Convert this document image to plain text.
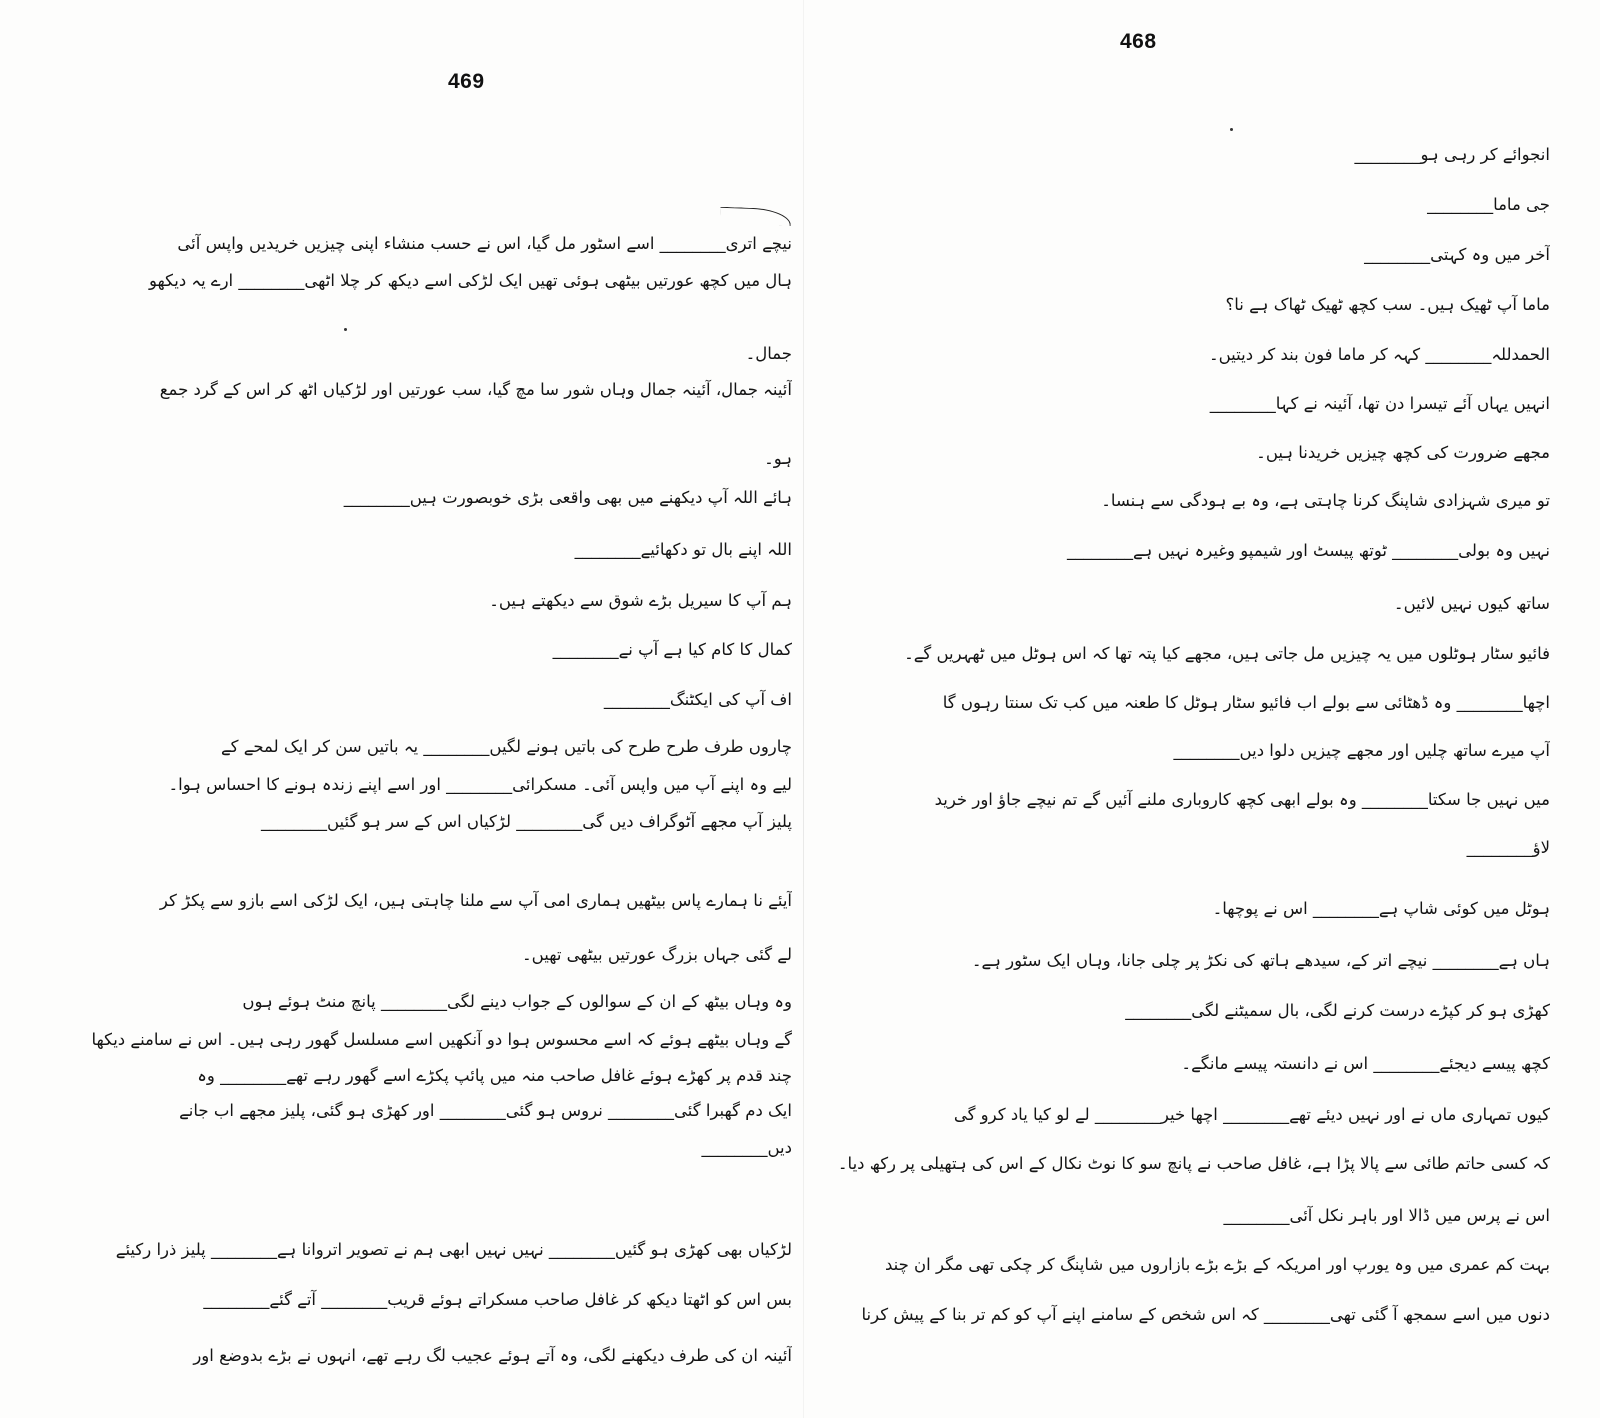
469
نیچے اتری________ اسے اسٹور مل گیا، اس نے حسب منشاء اپنی چیزیں خریدیں واپس آئی
ہال میں کچھ عورتیں بیٹھی ہوئی تھیں ایک لڑکی اسے دیکھ کر چلا اٹھی________ ارے یہ دیکھو
جمال۔
آئینہ جمال، آئینہ جمال وہاں شور سا مچ گیا، سب عورتیں اور لڑکیاں اٹھ کر اس کے گرد جمع
ہو۔
ہائے اللہ آپ دیکھنے میں بھی واقعی بڑی خوبصورت ہیں________
اللہ اپنے بال تو دکھائیے________
ہم آپ کا سیریل بڑے شوق سے دیکھتے ہیں۔
کمال کا کام کیا ہے آپ نے________
اف آپ کی ایکٹنگ________
چاروں طرف طرح طرح کی باتیں ہونے لگیں________ یہ باتیں سن کر ایک لمحے کے
لیے وہ اپنے آپ میں واپس آئی۔ مسکرائی________ اور اسے اپنے زندہ ہونے کا احساس ہوا۔
پلیز آپ مجھے آٹوگراف دیں گی________ لڑکیاں اس کے سر ہو گئیں________
آیئے نا ہمارے پاس بیٹھیں ہماری امی آپ سے ملنا چاہتی ہیں، ایک لڑکی اسے بازو سے پکڑ کر
لے گئی جہاں بزرگ عورتیں بیٹھی تھیں۔
وہ وہاں بیٹھ کے ان کے سوالوں کے جواب دینے لگی________ پانچ منٹ ہوئے ہوں
گے وہاں بیٹھے ہوئے کہ اسے محسوس ہوا دو آنکھیں اسے مسلسل گھور رہی ہیں۔ اس نے سامنے دیکھا
چند قدم پر کھڑے ہوئے غافل صاحب منہ میں پائپ پکڑے اسے گھور رہے تھے________ وہ
ایک دم گھبرا گئی________ نروس ہو گئی________ اور کھڑی ہو گئی، پلیز مجھے اب جانے
دیں________
لڑکیاں بھی کھڑی ہو گئیں________ نہیں نہیں ابھی ہم نے تصویر اتروانا ہے________ پلیز ذرا رکیئے
بس اس کو اٹھتا دیکھ کر غافل صاحب مسکراتے ہوئے قریب________ آتے گئے________
آئینہ ان کی طرف دیکھنے لگی، وہ آتے ہوئے عجیب لگ رہے تھے، انہوں نے بڑے بدوضع اور
468
انجوائے کر رہی ہو________
جی ماما________
آخر میں وہ کہتی________
ماما آپ ٹھیک ہیں۔ سب کچھ ٹھیک ٹھاک ہے نا؟
الحمدللہ________ کہہ کر ماما فون بند کر دیتیں۔
انہیں یہاں آئے تیسرا دن تھا، آئینہ نے کہا________
مجھے ضرورت کی کچھ چیزیں خریدنا ہیں۔
تو میری شہزادی شاپنگ کرنا چاہتی ہے، وہ بے ہودگی سے ہنسا۔
نہیں وہ بولی________ ٹوتھ پیسٹ اور شیمپو وغیرہ نہیں ہے________
ساتھ کیوں نہیں لائیں۔
فائیو سٹار ہوٹلوں میں یہ چیزیں مل جاتی ہیں، مجھے کیا پتہ تھا کہ اس ہوٹل میں ٹھہریں گے۔
اچھا________ وہ ڈھٹائی سے بولے اب فائیو سٹار ہوٹل کا طعنہ میں کب تک سنتا رہوں گا
آپ میرے ساتھ چلیں اور مجھے چیزیں دلوا دیں________
میں نہیں جا سکتا________ وہ بولے ابھی کچھ کاروباری ملنے آئیں گے تم نیچے جاؤ اور خرید
لاؤ________
ہوٹل میں کوئی شاپ ہے________ اس نے پوچھا۔
ہاں ہے________ نیچے اتر کے، سیدھے ہاتھ کی نکڑ پر چلی جانا، وہاں ایک سٹور ہے۔
کھڑی ہو کر کپڑے درست کرنے لگی، بال سمیٹنے لگی________
کچھ پیسے دیجئے________ اس نے دانستہ پیسے مانگے۔
کیوں تمہاری ماں نے اور نہیں دیئے تھے________ اچھا خیر________ لے لو کیا یاد کرو گی
کہ کسی حاتم طائی سے پالا پڑا ہے، غافل صاحب نے پانچ سو کا نوٹ نکال کے اس کی ہتھیلی پر رکھ دیا۔
اس نے پرس میں ڈالا اور باہر نکل آئی________
بہت کم عمری میں وہ یورپ اور امریکہ کے بڑے بڑے بازاروں میں شاپنگ کر چکی تھی مگر ان چند
دنوں میں اسے سمجھ آ گئی تھی________ کہ اس شخص کے سامنے اپنے آپ کو کم تر بنا کے پیش کرنا
